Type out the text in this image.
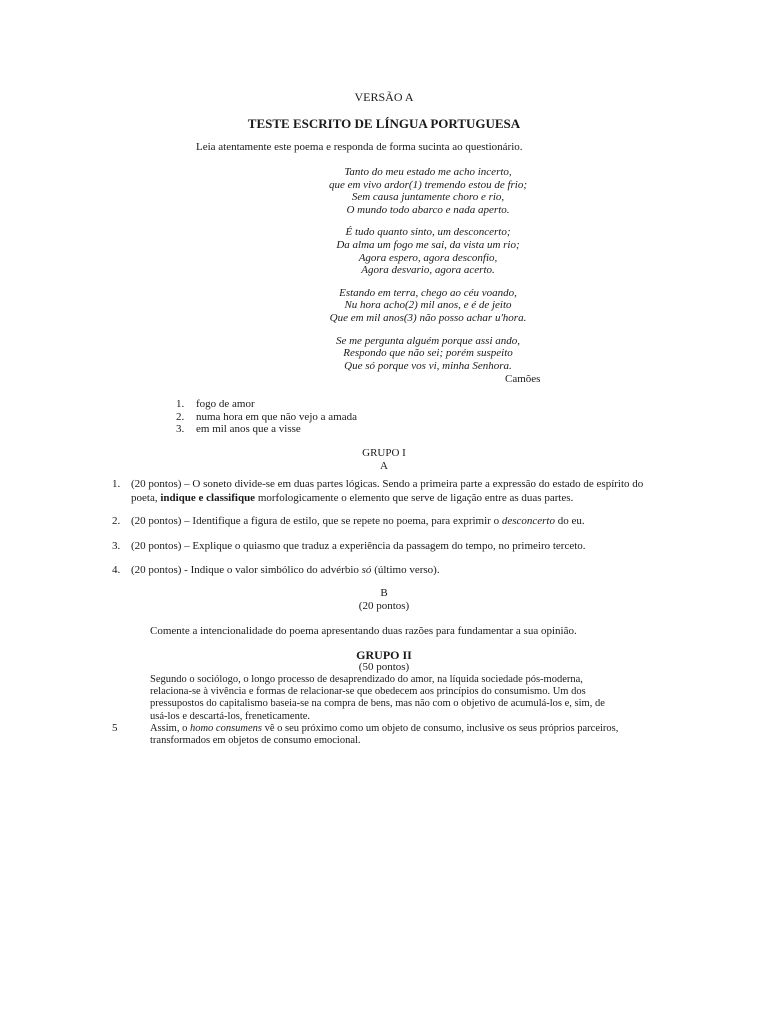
VERSÃO A
TESTE ESCRITO DE LÍNGUA PORTUGUESA
Leia atentamente este poema e responda de forma sucinta ao questionário.
Tanto do meu estado me acho incerto,
que em vivo ardor(1) tremendo estou de frio;
Sem causa juntamente choro e rio,
O mundo todo abarco e nada aperto.
É tudo quanto sinto, um desconcerto;
Da alma um fogo me sai, da vista um rio;
Agora espero, agora desconfio,
Agora desvario, agora acerto.
Estando em terra, chego ao céu voando,
Nu hora acho(2) mil anos, e é de jeito
Que em mil anos(3) não posso achar u'hora.
Se me pergunta alguém porque assi ando,
Respondo que não sei; porém suspeito
Que só porque vos vi, minha Senhora.
Camões
1.	fogo de amor
2.	numa hora em que não vejo a amada
3.	em mil anos que a visse
GRUPO I
A
1. (20 pontos) – O soneto divide-se em duas partes lógicas. Sendo a primeira parte a expressão do estado de espírito do poeta, indique e classifique morfologicamente o elemento que serve de ligação entre as duas partes.
2. (20 pontos) – Identifique a figura de estilo, que se repete no poema, para exprimir o desconcerto do eu.
3. (20 pontos) – Explique o quiasmo que traduz a experiência da passagem do tempo, no primeiro terceto.
4. (20 pontos) - Indique o valor simbólico do advérbio só (último verso).
B
(20 pontos)
Comente a intencionalidade do poema apresentando duas razões para fundamentar a sua opinião.
GRUPO II
(50 pontos)
Segundo o sociólogo, o longo processo de desaprendizado do amor, na líquida sociedade pós-moderna,
relaciona-se à vivência e formas de relacionar-se que obedecem aos princípios do consumismo. Um dos
pressupostos do capitalismo baseia-se na compra de bens, mas não com o objetivo de acumulá-los e, sim, de
usá-los e descartá-los, freneticamente.
Assim, o homo consumens vê o seu próximo como um objeto de consumo, inclusive os seus próprios parceiros,
transformados em objetos de consumo emocional.
5
